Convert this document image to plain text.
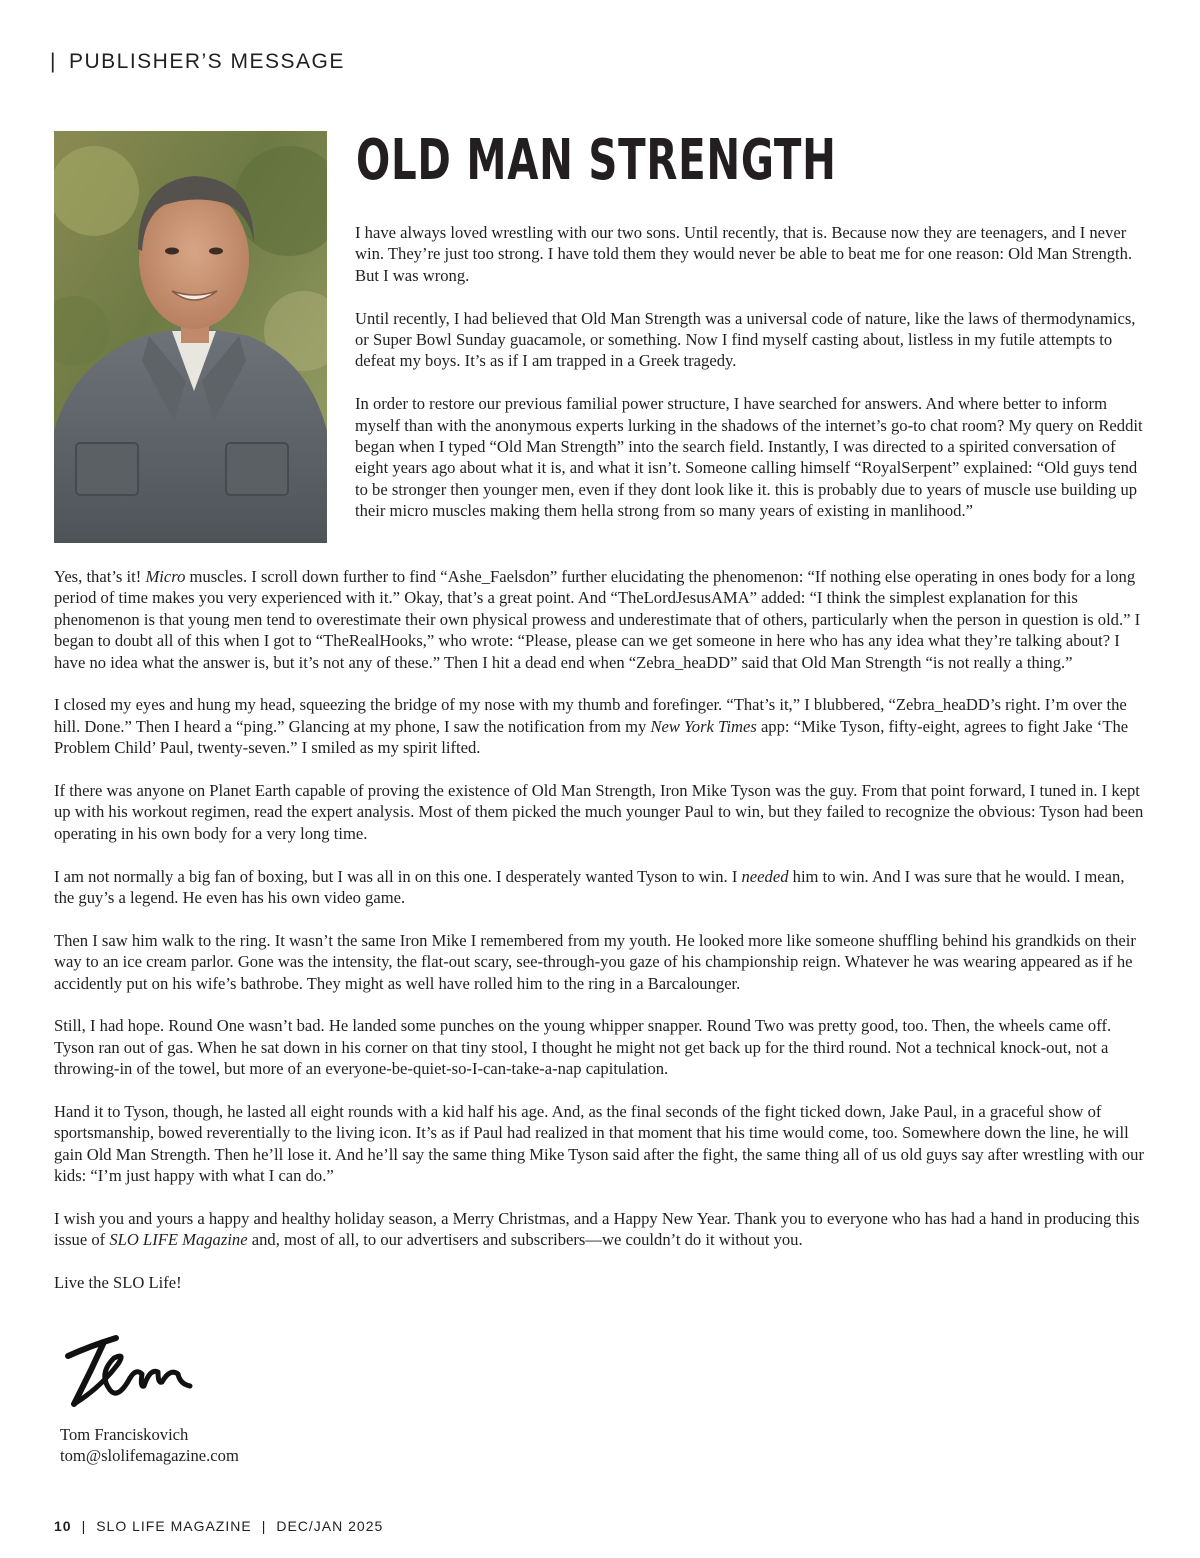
| PUBLISHER’S MESSAGE
OLD MAN STRENGTH

I have always loved wrestling with our two sons. Until recently, that is. Because now they are teenagers, and I never win. They’re just too strong. I have told them they would never be able to beat me for one reason: Old Man Strength. But I was wrong.

Until recently, I had believed that Old Man Strength was a universal code of nature, like the laws of thermodynamics, or Super Bowl Sunday guacamole, or something. Now I find myself casting about, listless in my futile attempts to defeat my boys. It’s as if I am trapped in a Greek tragedy.

In order to restore our previous familial power structure, I have searched for answers. And where better to inform myself than with the anonymous experts lurking in the shadows of the internet’s go-to chat room? My query on Reddit began when I typed “Old Man Strength” into the search field. Instantly, I was directed to a spirited conversation of eight years ago about what it is, and what it isn’t. Someone calling himself “RoyalSerpent” explained: “Old guys tend to be stronger then younger men, even if they dont look like it. this is probably due to years of muscle use building up their micro muscles making them hella strong from so many years of existing in manlihood.”

Yes, that’s it! Micro muscles. I scroll down further to find “Ashe_Faelsdon” further elucidating the phenomenon: “If nothing else operating in ones body for a long period of time makes you very experienced with it.” Okay, that’s a great point. And “TheLordJesusAMA” added: “I think the simplest explanation for this phenomenon is that young men tend to overestimate their own physical prowess and underestimate that of others, particularly when the person in question is old.” I began to doubt all of this when I got to “TheRealHooks,” who wrote: “Please, please can we get someone in here who has any idea what they’re talking about? I have no idea what the answer is, but it’s not any of these.” Then I hit a dead end when “Zebra_heaDD” said that Old Man Strength “is not really a thing.”

I closed my eyes and hung my head, squeezing the bridge of my nose with my thumb and forefinger. “That’s it,” I blubbered, “Zebra_heaDD’s right. I’m over the hill. Done.” Then I heard a “ping.” Glancing at my phone, I saw the notification from my New York Times app: “Mike Tyson, fifty-eight, agrees to fight Jake ‘The Problem Child’ Paul, twenty-seven.” I smiled as my spirit lifted.

If there was anyone on Planet Earth capable of proving the existence of Old Man Strength, Iron Mike Tyson was the guy. From that point forward, I tuned in. I kept up with his workout regimen, read the expert analysis. Most of them picked the much younger Paul to win, but they failed to recognize the obvious: Tyson had been operating in his own body for a very long time.

I am not normally a big fan of boxing, but I was all in on this one. I desperately wanted Tyson to win. I needed him to win. And I was sure that he would. I mean, the guy’s a legend. He even has his own video game.

Then I saw him walk to the ring. It wasn’t the same Iron Mike I remembered from my youth. He looked more like someone shuffling behind his grandkids on their way to an ice cream parlor. Gone was the intensity, the flat-out scary, see-through-you gaze of his championship reign. Whatever he was wearing appeared as if he accidently put on his wife’s bathrobe. They might as well have rolled him to the ring in a Barcalounger.

Still, I had hope. Round One wasn’t bad. He landed some punches on the young whipper snapper. Round Two was pretty good, too. Then, the wheels came off. Tyson ran out of gas. When he sat down in his corner on that tiny stool, I thought he might not get back up for the third round. Not a technical knock-out, not a throwing-in of the towel, but more of an everyone-be-quiet-so-I-can-take-a-nap capitulation.

Hand it to Tyson, though, he lasted all eight rounds with a kid half his age. And, as the final seconds of the fight ticked down, Jake Paul, in a graceful show of sportsmanship, bowed reverentially to the living icon. It’s as if Paul had realized in that moment that his time would come, too. Somewhere down the line, he will gain Old Man Strength. Then he’ll lose it. And he’ll say the same thing Mike Tyson said after the fight, the same thing all of us old guys say after wrestling with our kids: “I’m just happy with what I can do.”

I wish you and yours a happy and healthy holiday season, a Merry Christmas, and a Happy New Year. Thank you to everyone who has had a hand in producing this issue of SLO LIFE Magazine and, most of all, to our advertisers and subscribers—we couldn’t do it without you.

Live the SLO Life!

Tom Franciskovich
tom@slolifemagazine.com
10 | SLO LIFE MAGAZINE | DEC/JAN 2025
